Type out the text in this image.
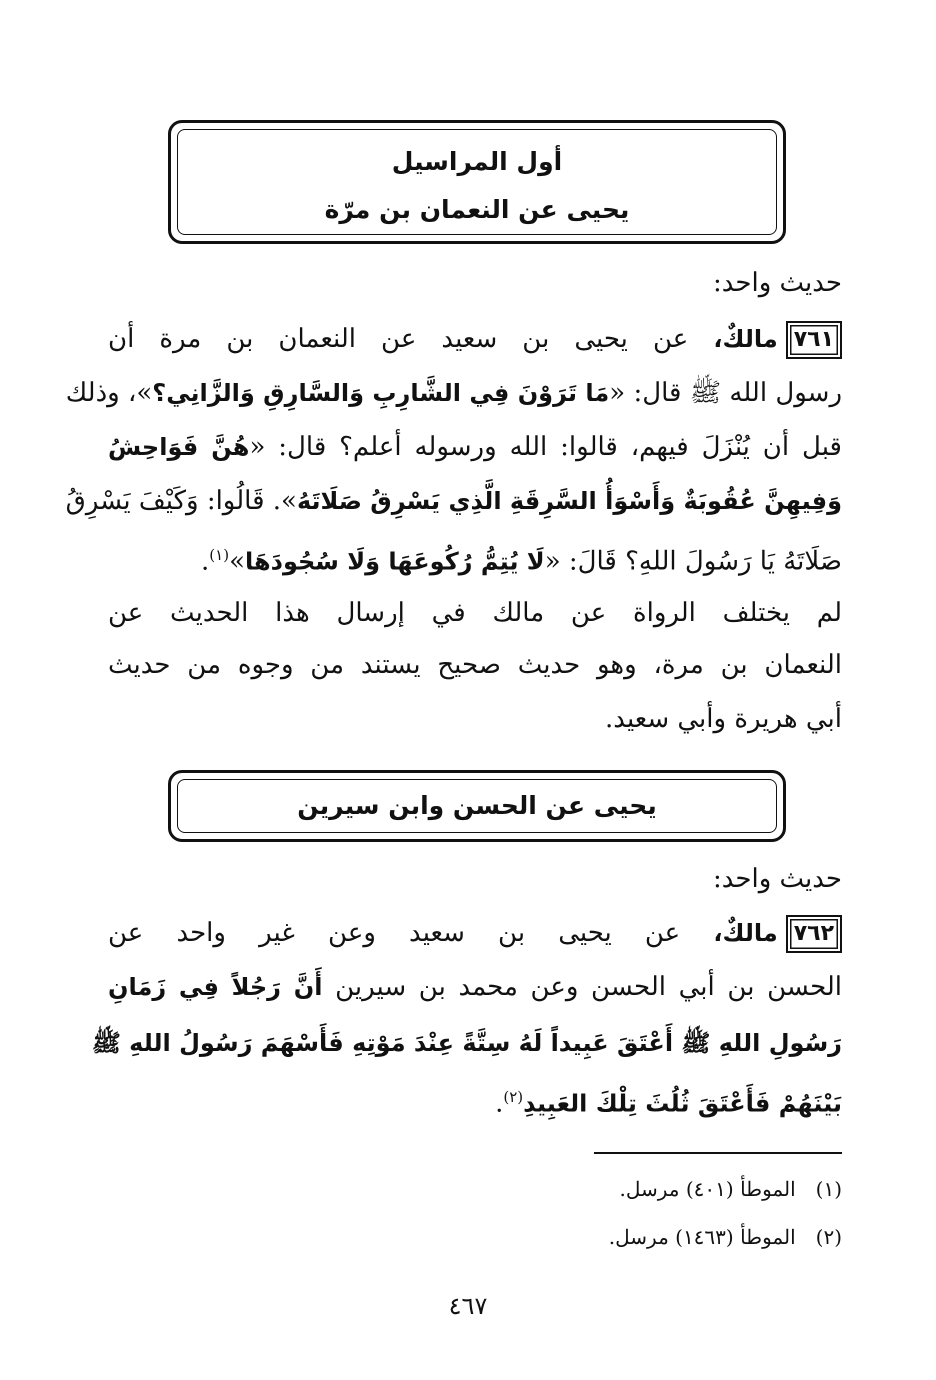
أول المراسيل
يحيى عن النعمان بن مرّة
حديث واحد:
٧٦١مالكٌ، عن يحيى بن سعيد عن النعمان بن مرة أن
رسول الله ﷺ قال: «مَا تَرَوْنَ فِي الشَّارِبِ وَالسَّارِقِ وَالزَّانِي؟»، وذلك
قبل أن يُنْزَلَ فيهم، قالوا: الله ورسوله أعلم؟ قال: «هُنَّ فَوَاحِشُ
وَفِيهِنَّ عُقُوبَةٌ وَأَسْوَأُ السَّرِقَةِ الَّذِي يَسْرِقُ صَلَاتَهُ». قَالُوا: وَكَيْفَ يَسْرِقُ
صَلَاتَهُ يَا رَسُولَ اللهِ؟ قَالَ: «لَا يُتِمُّ رُكُوعَهَا وَلَا سُجُودَهَا»$^{(١)}$.
لم يختلف الرواة عن مالك في إرسال هذا الحديث عن
النعمان بن مرة، وهو حديث صحيح يستند من وجوه من حديث
أبي هريرة وأبي سعيد.
يحيى عن الحسن وابن سيرين
حديث واحد:
٧٦٢مالكٌ، عن يحيى بن سعيد وعن غير واحد عن
الحسن بن أبي الحسن وعن محمد بن سيرين أَنَّ رَجُلاً فِي زَمَانِ
رَسُولِ اللهِ ﷺ أَعْتَقَ عَبِيداً لَهُ سِتَّةً عِنْدَ مَوْتِهِ فَأَسْهَمَ رَسُولُ اللهِ ﷺ
بَيْنَهُمْ فَأَعْتَقَ ثُلُثَ تِلْكَ العَبِيدِ$^{(٢)}$.
(١)الموطأ (٤٠١) مرسل.
(٢)الموطأ (١٤٦٣) مرسل.
٤٦٧
